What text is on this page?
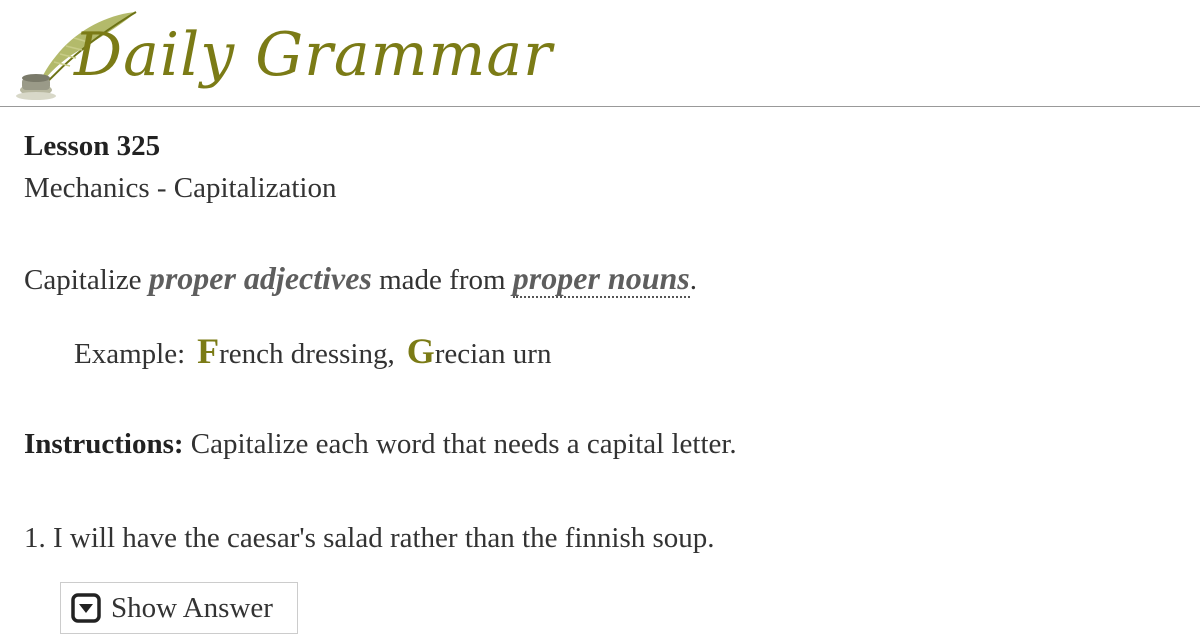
Daily Grammar
Lesson 325
Mechanics - Capitalization
Capitalize proper adjectives made from proper nouns.
Example: French dressing, Grecian urn
Instructions: Capitalize each word that needs a capital letter.
1. I will have the caesar's salad rather than the finnish soup.
Show Answer
